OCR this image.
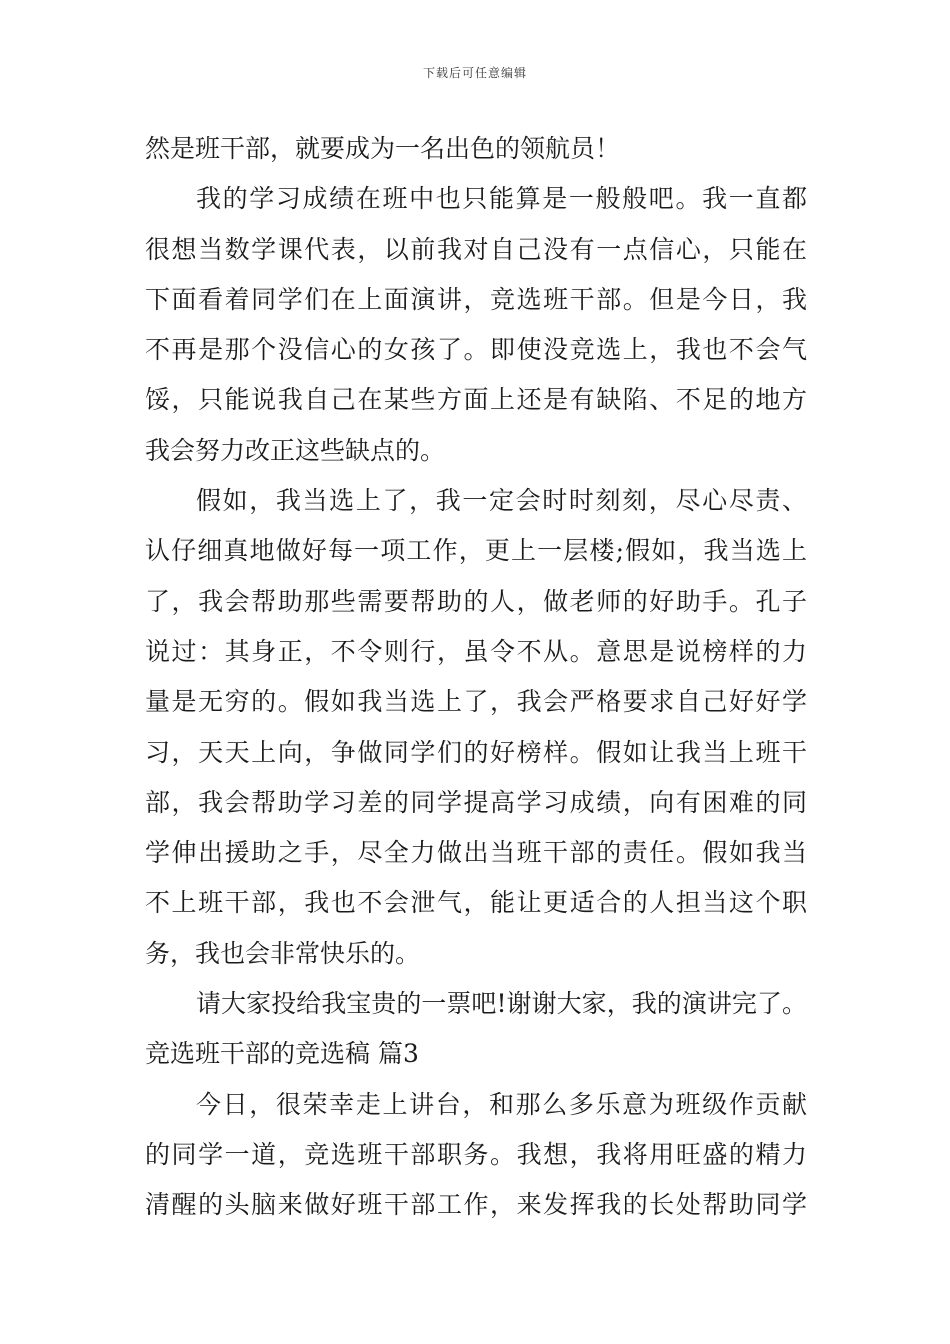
下载后可任意编辑
然是班干部，就要成为一名出色的领航员！
我的学习成绩在班中也只能算是一般般吧。我一直都
很想当数学课代表，以前我对自己没有一点信心，只能在
下面看着同学们在上面演讲，竞选班干部。但是今日，我
不再是那个没信心的女孩了。即使没竞选上，我也不会气
馁，只能说我自己在某些方面上还是有缺陷、不足的地方
我会努力改正这些缺点的。
假如，我当选上了，我一定会时时刻刻，尽心尽责、
认仔细真地做好每一项工作，更上一层楼;假如，我当选上
了，我会帮助那些需要帮助的人，做老师的好助手。孔子
说过：其身正，不令则行，虽令不从。意思是说榜样的力
量是无穷的。假如我当选上了，我会严格要求自己好好学
习，天天上向，争做同学们的好榜样。假如让我当上班干
部，我会帮助学习差的同学提高学习成绩，向有困难的同
学伸出援助之手，尽全力做出当班干部的责任。假如我当
不上班干部，我也不会泄气，能让更适合的人担当这个职
务，我也会非常快乐的。
请大家投给我宝贵的一票吧!谢谢大家，我的演讲完了。
竞选班干部的竞选稿 篇3
今日，很荣幸走上讲台，和那么多乐意为班级作贡献
的同学一道，竞选班干部职务。我想，我将用旺盛的精力
清醒的头脑来做好班干部工作，来发挥我的长处帮助同学
